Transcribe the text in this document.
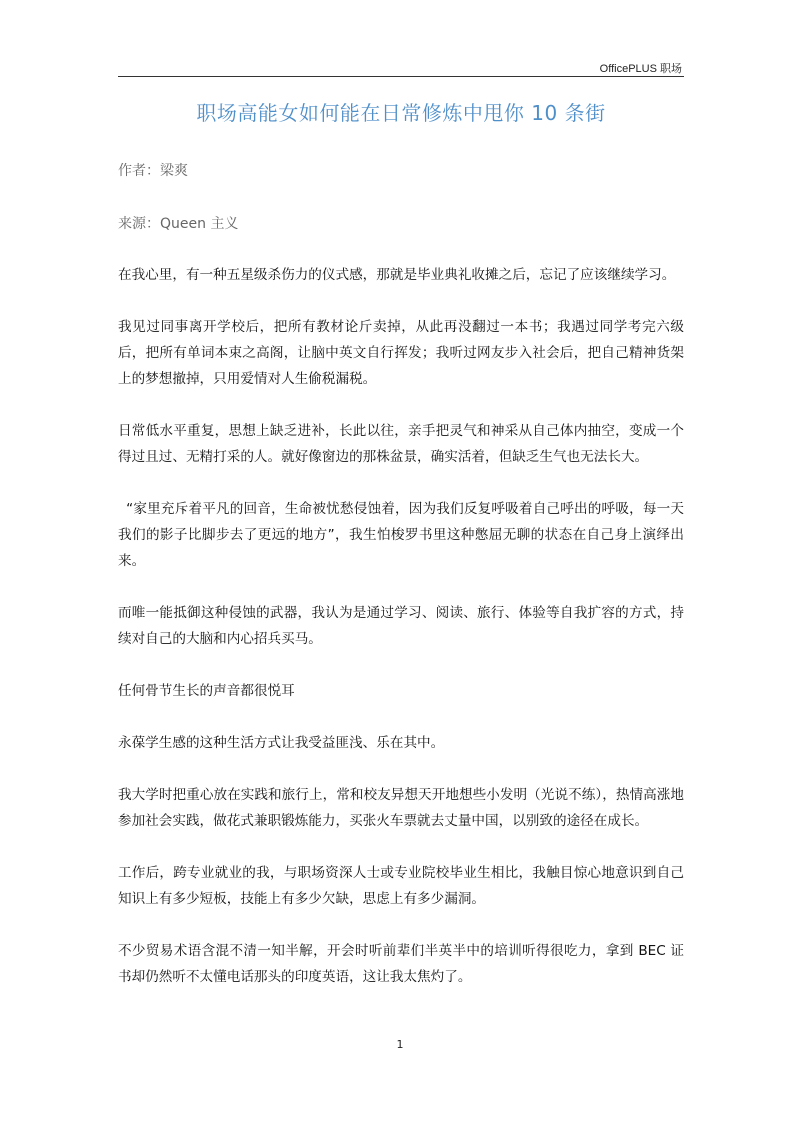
OfficePLUS 职场
职场高能女如何能在日常修炼中甩你 10 条街
作者：梁爽
来源：Queen 主义

在我心里，有一种五星级杀伤力的仪式感，那就是毕业典礼收摊之后，忘记了应该继续学习。

我见过同事离开学校后，把所有教材论斤卖掉，从此再没翻过一本书；我遇过同学考完六级后，把所有单词本束之高阁，让脑中英文自行挥发；我听过网友步入社会后，把自己精神货架上的梦想撤掉，只用爱情对人生偷税漏税。

日常低水平重复，思想上缺乏进补，长此以往，亲手把灵气和神采从自己体内抽空，变成一个得过且过、无精打采的人。就好像窗边的那株盆景，确实活着，但缺乏生气也无法长大。

“家里充斥着平凡的回音，生命被忧愁侵蚀着，因为我们反复呼吸着自己呼出的呼吸，每一天我们的影子比脚步去了更远的地方”，我生怕梭罗书里这种憋屈无聊的状态在自己身上演绎出来。

而唯一能抵御这种侵蚀的武器，我认为是通过学习、阅读、旅行、体验等自我扩容的方式，持续对自己的大脑和内心招兵买马。

任何骨节生长的声音都很悦耳

永葆学生感的这种生活方式让我受益匪浅、乐在其中。

我大学时把重心放在实践和旅行上，常和校友异想天开地想些小发明（光说不练），热情高涨地参加社会实践，做花式兼职锻炼能力，买张火车票就去丈量中国，以别致的途径在成长。

工作后，跨专业就业的我，与职场资深人士或专业院校毕业生相比，我触目惊心地意识到自己知识上有多少短板，技能上有多少欠缺，思虑上有多少漏洞。

不少贸易术语含混不清一知半解，开会时听前辈们半英半中的培训听得很吃力，拿到 BEC 证书却仍然听不太懂电话那头的印度英语，这让我太焦灼了。

1
